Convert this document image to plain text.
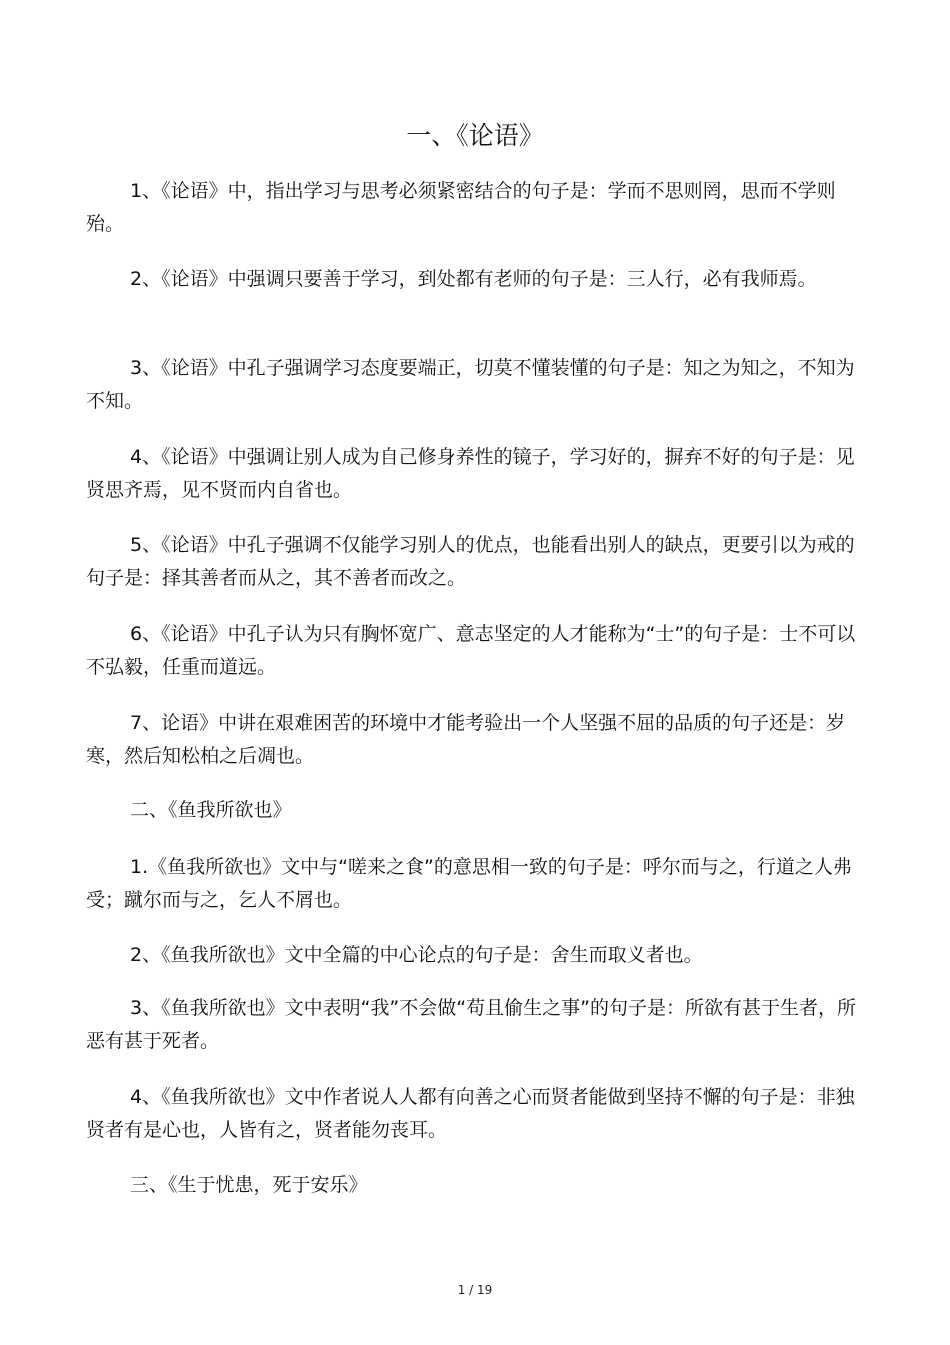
一、《论语》
1、《论语》中，指出学习与思考必须紧密结合的句子是：学而不思则罔，思而不学则殆。
2、《论语》中强调只要善于学习，到处都有老师的句子是：三人行，必有我师焉。
3、《论语》中孔子强调学习态度要端正，切莫不懂装懂的句子是：知之为知之，不知为不知。
4、《论语》中强调让别人成为自己修身养性的镜子，学习好的，摒弃不好的句子是：见贤思齐焉，见不贤而内自省也。
5、《论语》中孔子强调不仅能学习别人的优点，也能看出别人的缺点，更要引以为戒的句子是：择其善者而从之，其不善者而改之。
6、《论语》中孔子认为只有胸怀宽广、意志坚定的人才能称为“士”的句子是：士不可以不弘毅，任重而道远。
7、论语》中讲在艰难困苦的环境中才能考验出一个人坚强不屈的品质的句子还是：岁寒，然后知松柏之后凋也。
二、《鱼我所欲也》
1.《鱼我所欲也》文中与“嗟来之食”的意思相一致的句子是：呼尔而与之，行道之人弗受；蹴尔而与之，乞人不屑也。
2、《鱼我所欲也》文中全篇的中心论点的句子是：舍生而取义者也。
3、《鱼我所欲也》文中表明“我”不会做“苟且偷生之事”的句子是：所欲有甚于生者，所恶有甚于死者。
4、《鱼我所欲也》文中作者说人人都有向善之心而贤者能做到坚持不懈的句子是：非独贤者有是心也，人皆有之，贤者能勿丧耳。
三、《生于忧患，死于安乐》
1 / 19
